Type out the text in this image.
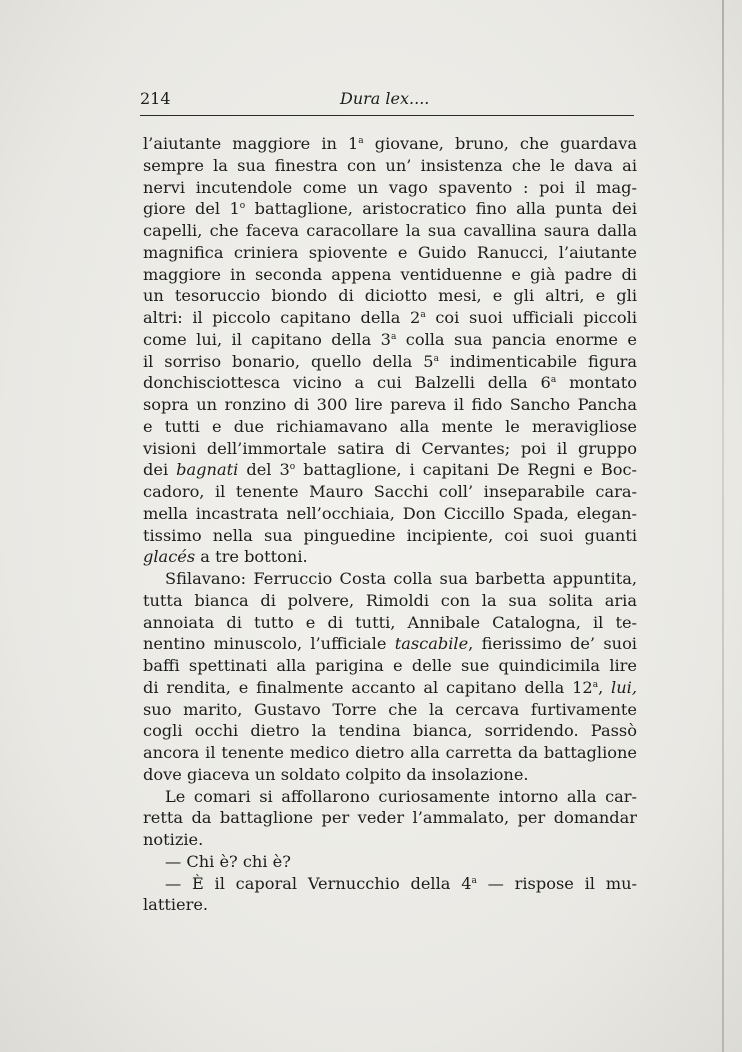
214	Dura lex....
l’aiutante maggiore in 1$^a$ giovane, bruno, che guardava
sempre la sua finestra con un’ insistenza che le dava ai
nervi incutendole come un vago spavento : poi il mag-
giore del 1$^o$ battaglione, aristocratico fino alla punta dei
capelli, che faceva caracollare la sua cavallina saura dalla
magnifica criniera spiovente e Guido Ranucci, l’aiutante
maggiore in seconda appena ventiduenne e già padre di
un tesoruccio biondo di diciotto mesi, e gli altri, e gli
altri: il piccolo capitano della 2$^a$ coi suoi ufficiali piccoli
come lui, il capitano della 3$^a$ colla sua pancia enorme e
il sorriso bonario, quello della 5$^a$ indimenticabile figura
donchisciottesca vicino a cui Balzelli della 6$^a$ montato
sopra un ronzino di 300 lire pareva il fido Sancho Pancha
e tutti e due richiamavano alla mente le meravigliose
visioni dell’immortale satira di Cervantes; poi il gruppo
dei bagnati del 3$^o$ battaglione, i capitani De Regni e Boc-
cadoro, il tenente Mauro Sacchi coll’ inseparabile cara-
mella incastrata nell’occhiaia, Don Ciccillo Spada, elegan-
tissimo nella sua pinguedine incipiente, coi suoi guanti
glacés a tre bottoni.
Sfilavano: Ferruccio Costa colla sua barbetta appuntita,
tutta bianca di polvere, Rimoldi con la sua solita aria
annoiata di tutto e di tutti, Annibale Catalogna, il te-
nentino minuscolo, l’ufficiale tascabile, fierissimo de’ suoi
baffi spettinati alla parigina e delle sue quindicimila lire
di rendita, e finalmente accanto al capitano della 12$^a$, lui,
suo marito, Gustavo Torre che la cercava furtivamente
cogli occhi dietro la tendina bianca, sorridendo. Passò
ancora il tenente medico dietro alla carretta da battaglione
dove giaceva un soldato colpito da insolazione.
Le comari si affollarono curiosamente intorno alla car-
retta da battaglione per veder l’ammalato, per domandar
notizie.
— Chi è? chi è?
— È il caporal Vernucchio della 4$^a$ — rispose il mu-
lattiere.
